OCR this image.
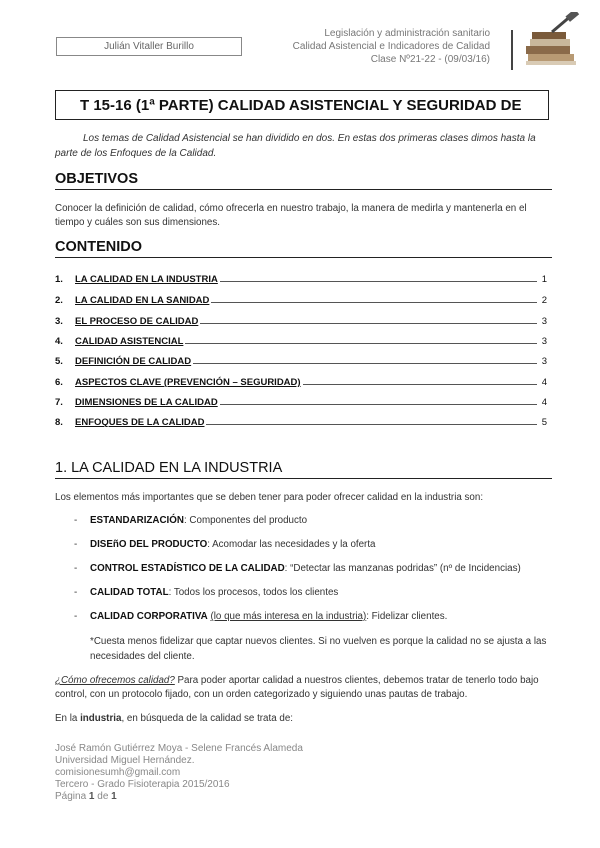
Julián Vitaller Burillo
Legislación y administración sanitario
Calidad Asistencial e Indicadores de Calidad
Clase Nº21-22 - (09/03/16)
T 15-16 (1ª PARTE) CALIDAD ASISTENCIAL Y SEGURIDAD DE
Los temas de Calidad Asistencial se han dividido en dos. En estas dos primeras clases dimos hasta la parte de los Enfoques de la Calidad.
OBJETIVOS
Conocer la definición de calidad, cómo ofrecerla en nuestro trabajo, la manera de medirla y mantenerla en el tiempo y cuáles son sus dimensiones.
CONTENIDO
1.	LA CALIDAD EN LA INDUSTRIA	1
2.	LA CALIDAD EN LA SANIDAD	2
3.	EL PROCESO DE CALIDAD	3
4.	CALIDAD ASISTENCIAL	3
5.	DEFINICIÓN DE CALIDAD	3
6.	ASPECTOS CLAVE (PREVENCIÓN – SEGURIDAD)	4
7.	DIMENSIONES DE LA CALIDAD	4
8.	ENFOQUES DE LA CALIDAD	5
1. LA CALIDAD EN LA INDUSTRIA
Los elementos más importantes que se deben tener para poder ofrecer calidad en la industria son:
- ESTANDARIZACIÓN: Componentes del producto
- DISEñO DEL PRODUCTO: Acomodar las necesidades y la oferta
- CONTROL ESTADÍSTICO DE LA CALIDAD: “Detectar las manzanas podridas” (nº de Incidencias)
- CALIDAD TOTAL: Todos los procesos, todos los clientes
- CALIDAD CORPORATIVA (lo que más interesa en la industria): Fidelizar clientes.
*Cuesta menos fidelizar que captar nuevos clientes. Si no vuelven es porque la calidad no se ajusta a las necesidades del cliente.
¿Cómo ofrecemos calidad? Para poder aportar calidad a nuestros clientes, debemos tratar de tenerlo todo bajo control, con un protocolo fijado, con un orden categorizado y siguiendo unas pautas de trabajo.
En la industria, en búsqueda de la calidad se trata de:
José Ramón Gutiérrez Moya - Selene Francés Alameda
Universidad Miguel Hernández.
comisionesumh@gmail.com
Tercero - Grado Fisioterapia 2015/2016
Página 1 de 1
